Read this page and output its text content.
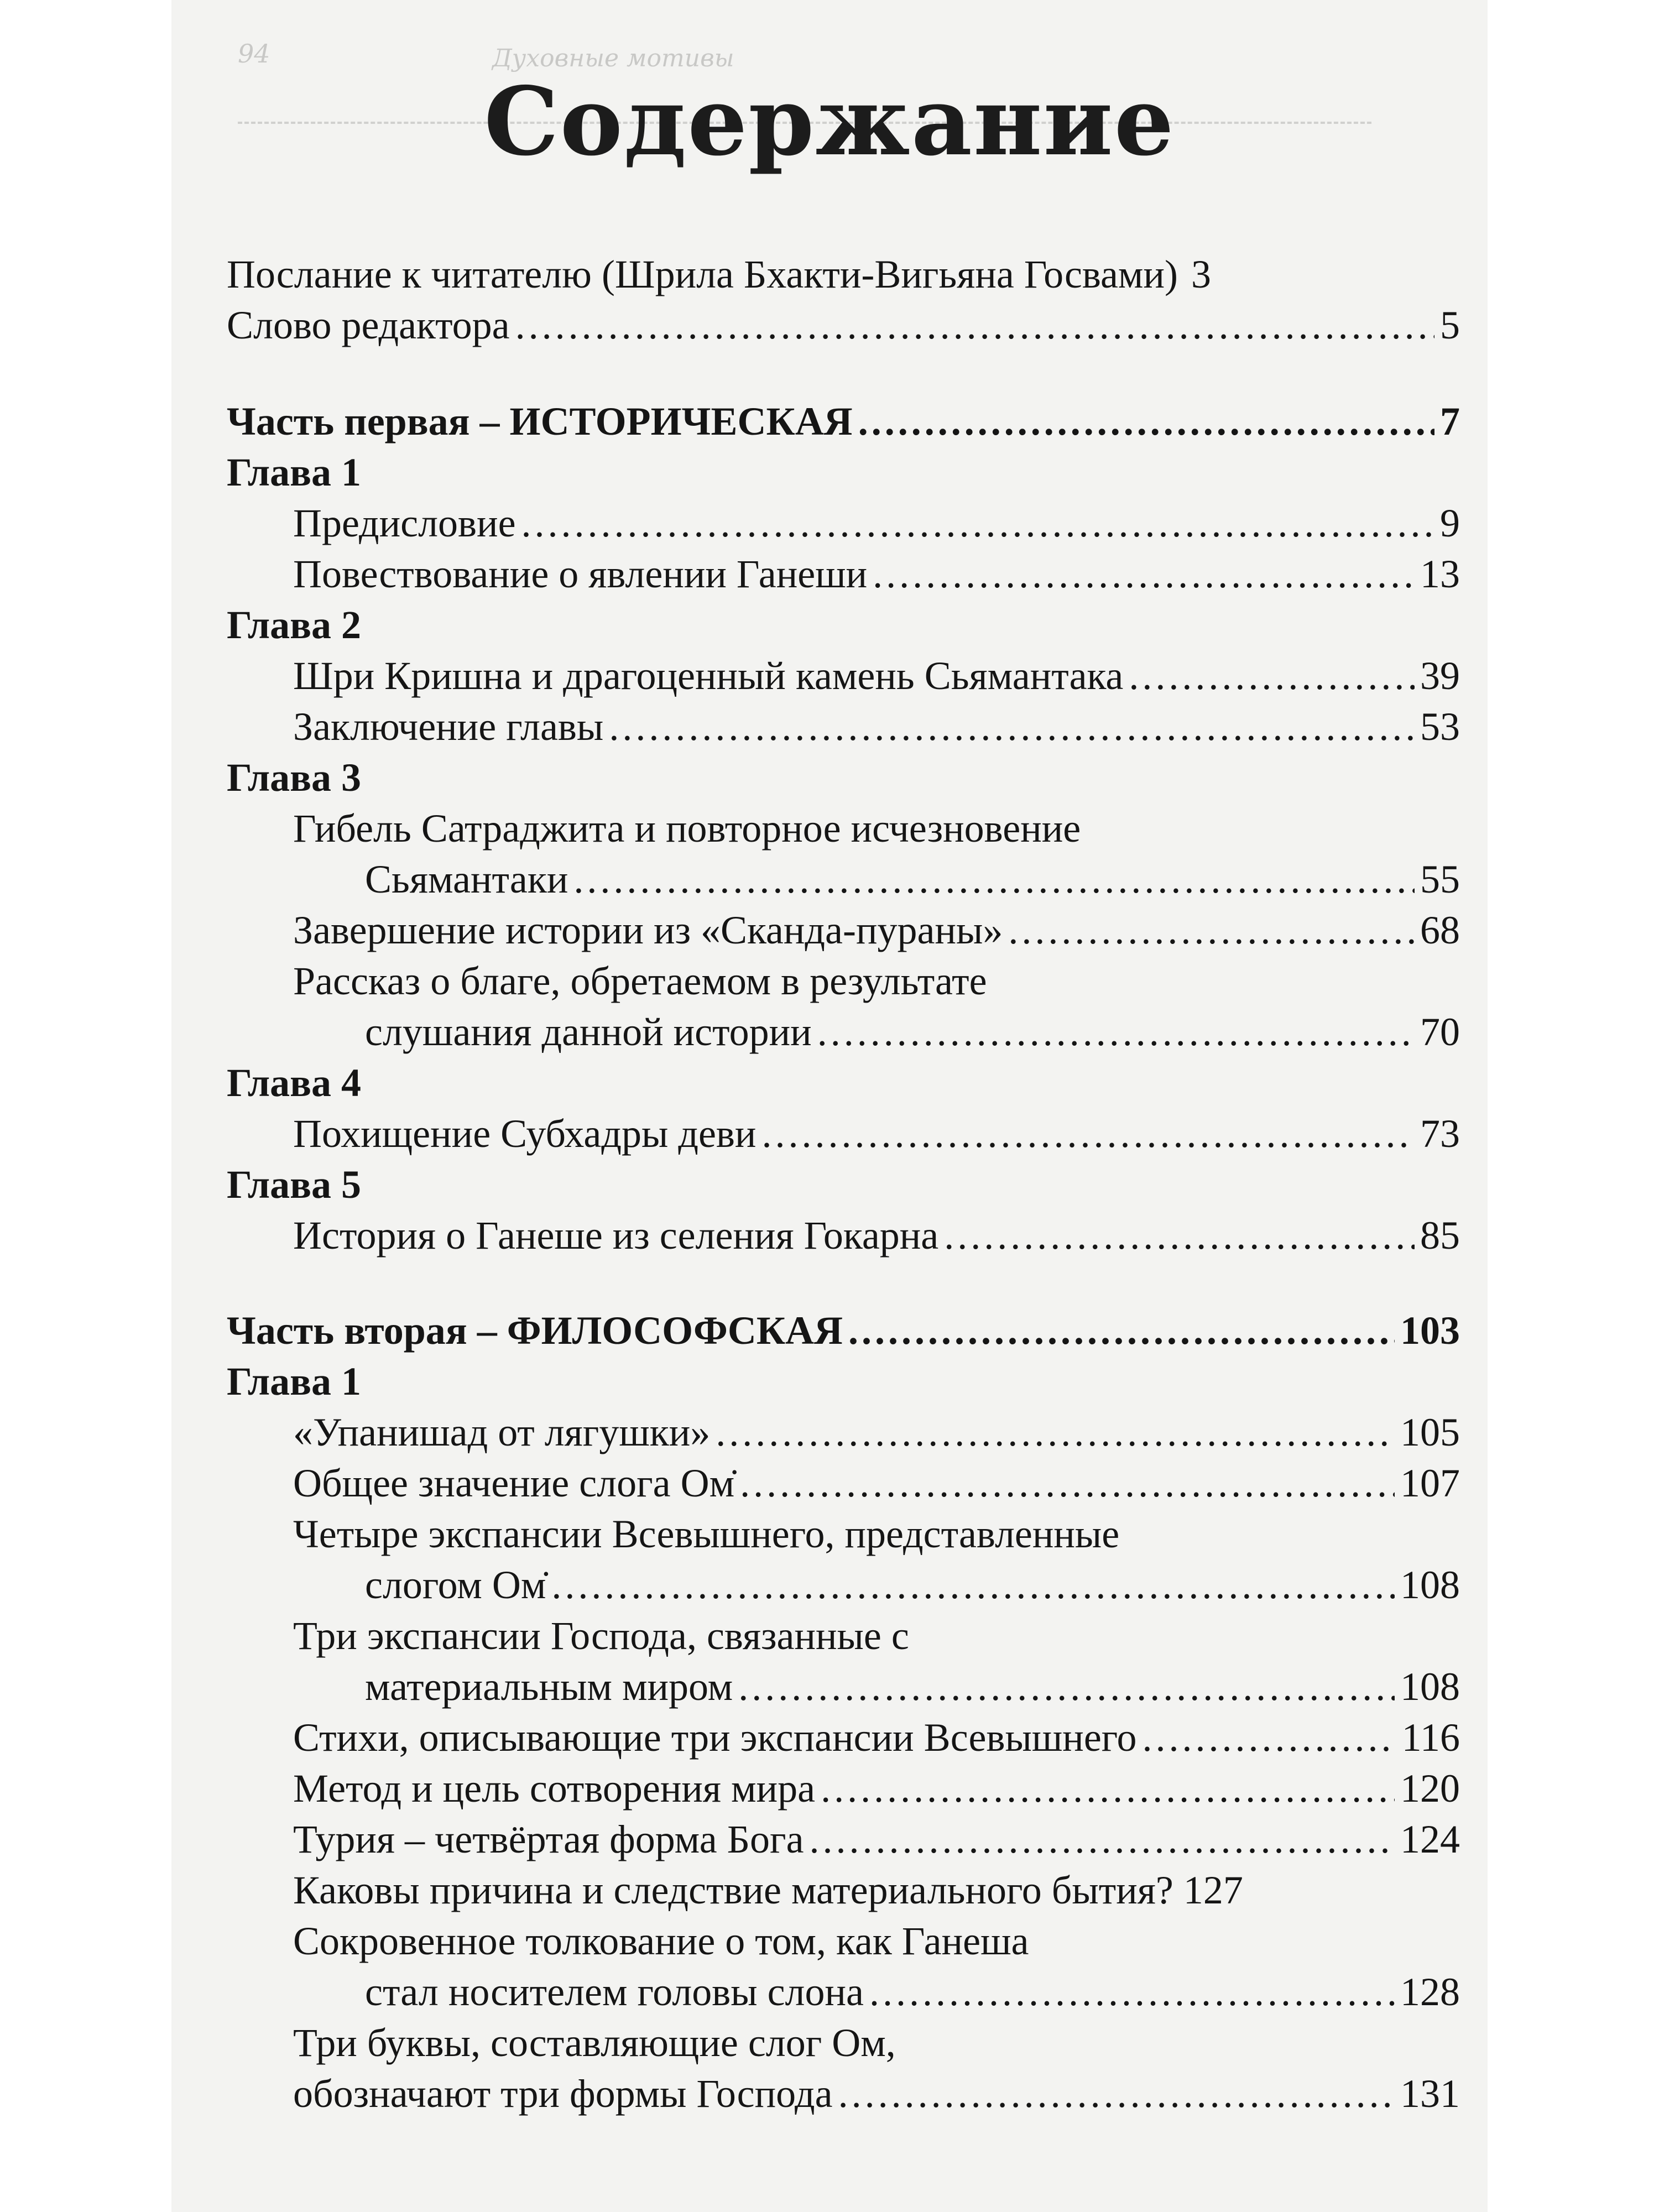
94	Духовные мотивы
Содержание
Послание к читателю (Шрила Бхакти-Вигьяна Госвами) 3
Слово редактора .....	5
Часть первая – ИСТОРИЧЕСКАЯ .....	7
Глава 1
Предисловие .....	9
Повествование о явлении Ганеши .....	13
Глава 2
Шри Кришна и драгоценный камень Сьямантака .....	39
Заключение главы .....	53
Глава 3
Гибель Сатраджита и повторное исчезновение
Сьямантаки .....	55
Завершение истории из «Сканда-пураны» .....	68
Рассказ о благе, обретаемом в результате
слушания данной истории .....	70
Глава 4
Похищение Субхадры деви .....	73
Глава 5
История о Ганеше из селения Гокарна .....	85
Часть вторая – ФИЛОСОФСКАЯ .....	103
Глава 1
«Упанишад от лягушки» .....	105
Общее значение слога Ом̇ .....	107
Четыре экспансии Всевышнего, представленные
слогом Ом̇ .....	108
Три экспансии Господа, связанные с
материальным миром .....	108
Стихи, описывающие три экспансии Всевышнего .....	116
Метод и цель сотворения мира .....	120
Турия – четвёртая форма Бога .....	124
Каковы причина и следствие материального бытия? 127
Сокровенное толкование о том, как Ганеша
стал носителем головы слона .....	128
Три буквы, составляющие слог Ом,
обозначают три формы Господа .....	131
